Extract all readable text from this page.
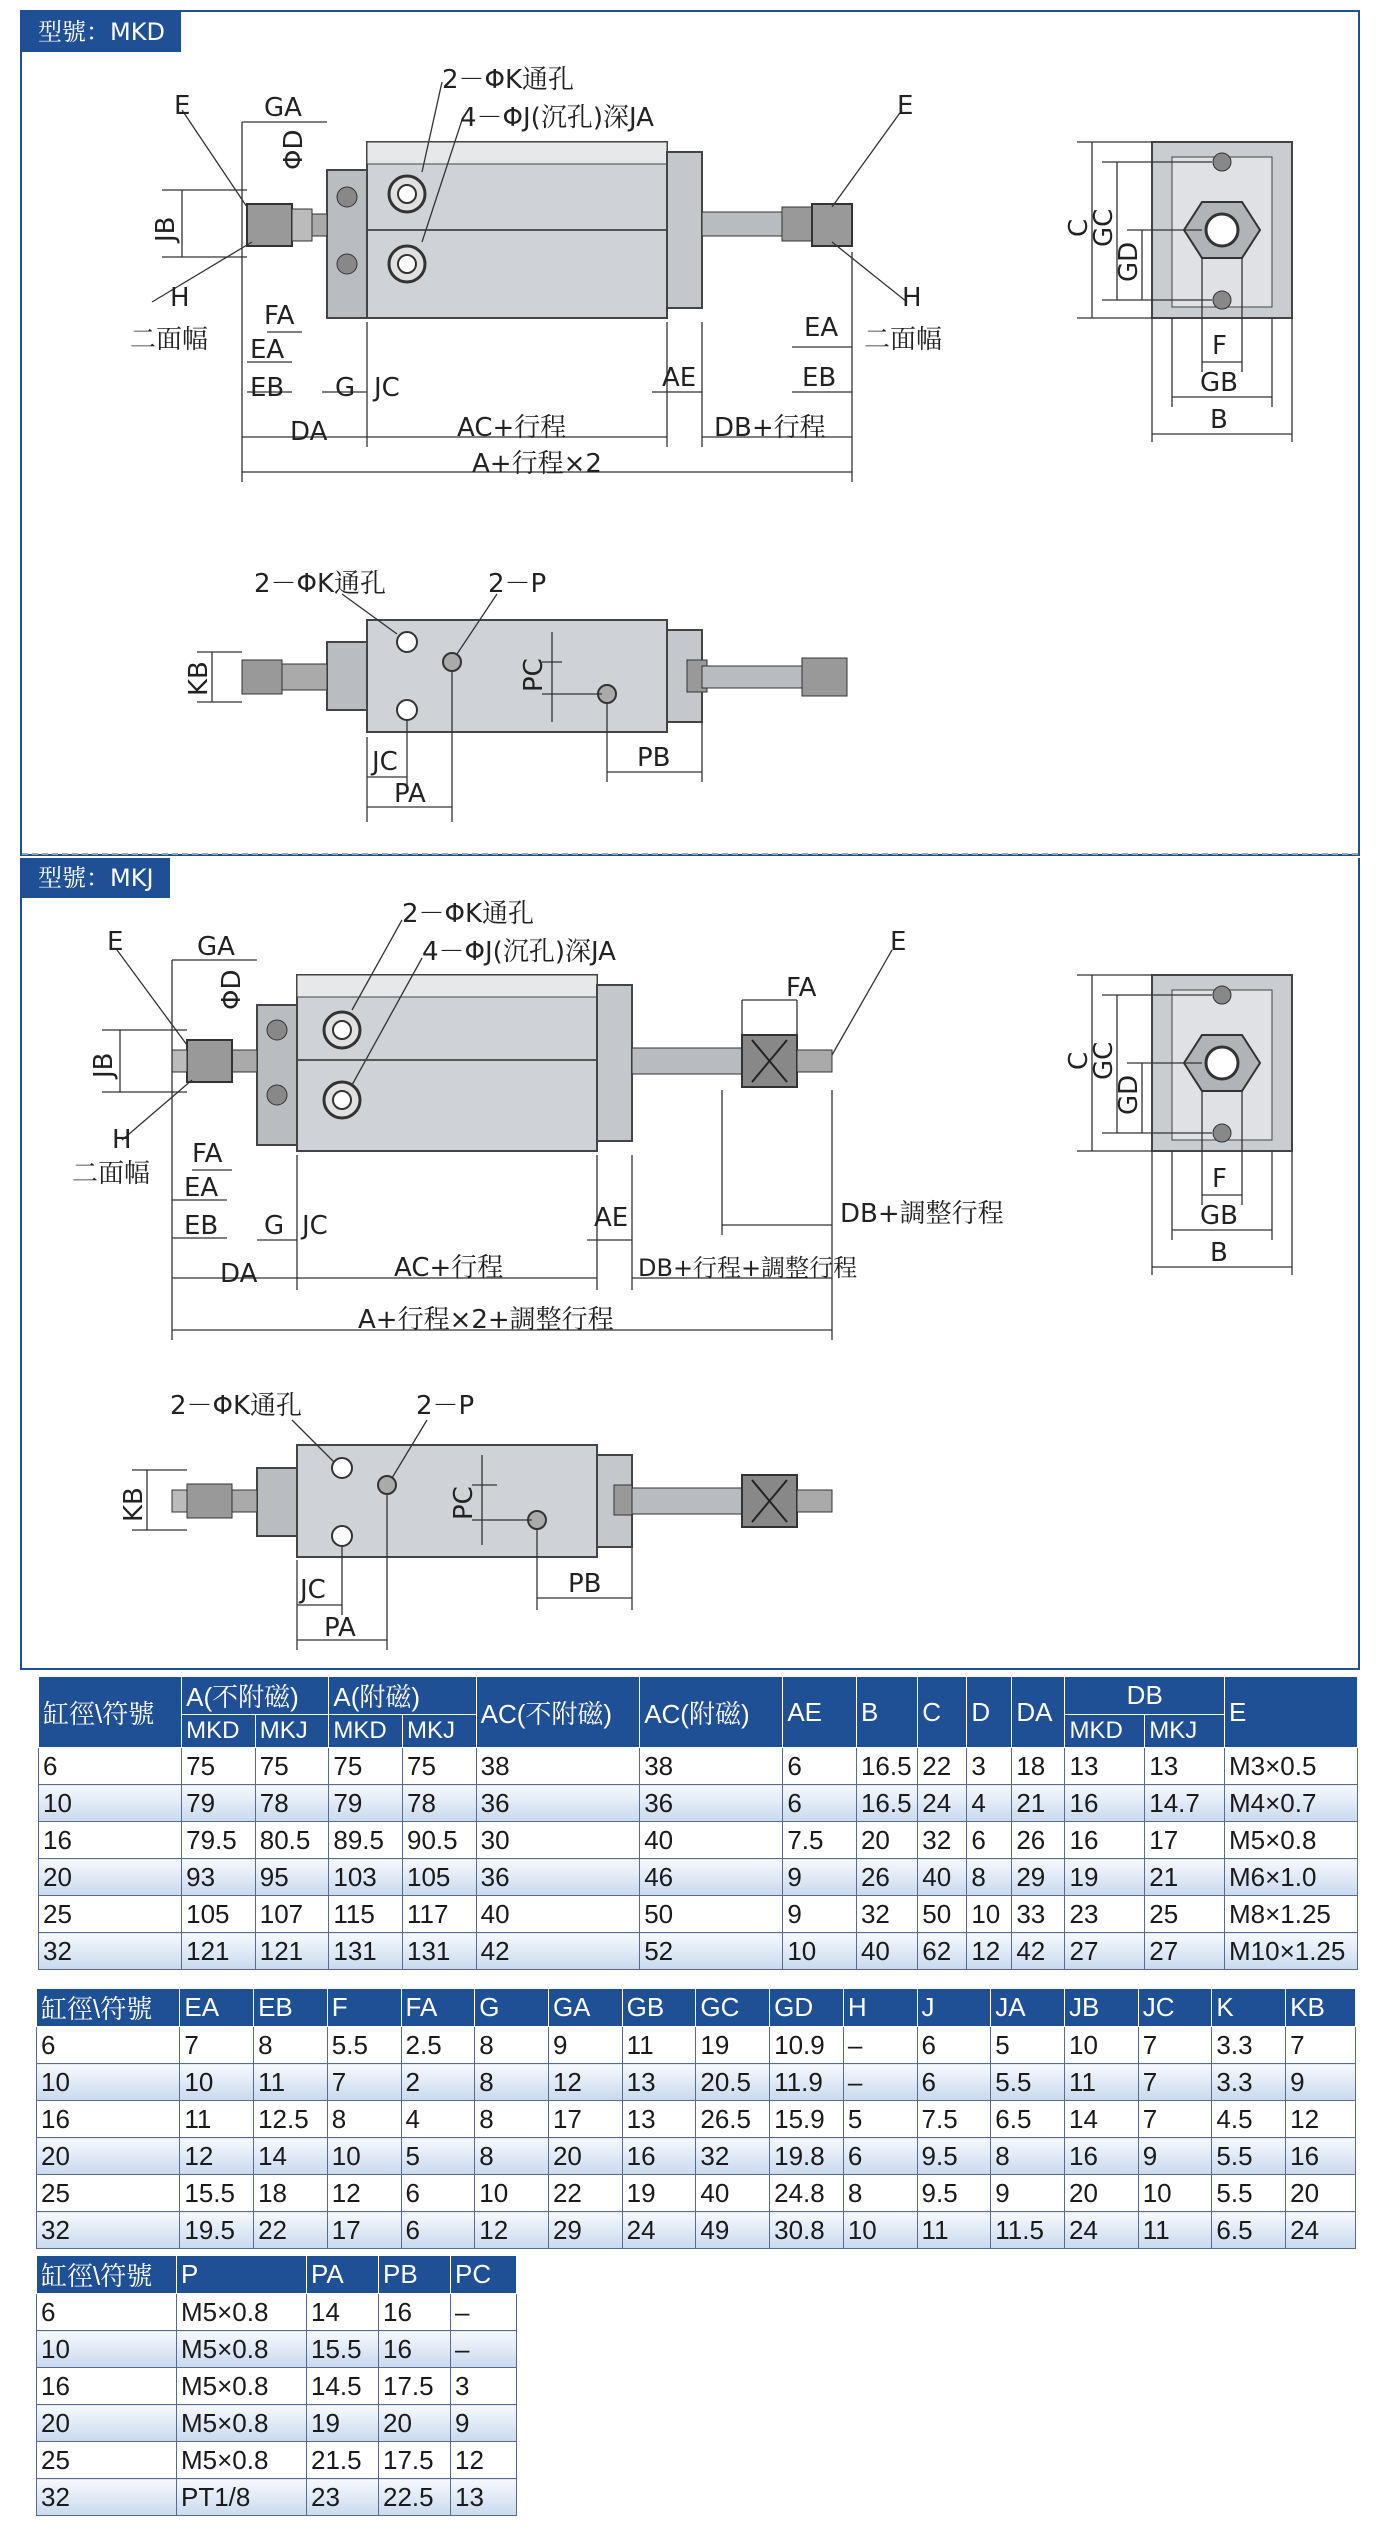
型號：MKD
2－ΦK通孔
4－ΦJ(沉孔)深JA
E	E
GA
ΦD
JB
H
二面幅
FA
EA
EB G JC	AE
DA	AC+行程	DB+行程
A+行程×2
H
二面幅
EA
EB
C
GC
GD
F
GB
B
2－ΦK通孔	2－P
KB	PC
JC
PA
PB
型號：MKJ
2－ΦK通孔
4－ΦJ(沉孔)深JA
E	E
GA
ΦD
JB
H
二面幅
FA
EA
EB G JC	AE
DA	AC+行程
FA
DB+調整行程
DB+行程+調整行程
A+行程×2+調整行程
C
GC
GD
F
GB
B
2－ΦK通孔	2－P
KB	PC
JC
PA
PB
缸徑\符號	A(不附磁)		A(附磁)		AC(不附磁)	AC(附磁)	AE	B	C	D	DA	DB		E
	MKD	MKJ	MKD	MKJ								MKD	MKJ	
6	75	75	75	75	38	38	6	16.5	22	3	18	13	13	M3×0.5
10	79	78	79	78	36	36	6	16.5	24	4	21	16	14.7	M4×0.7
16	79.5	80.5	89.5	90.5	30	40	7.5	20	32	6	26	16	17	M5×0.8
20	93	95	103	105	36	46	9	26	40	8	29	19	21	M6×1.0
25	105	107	115	117	40	50	9	32	50	10	33	23	25	M8×1.25
32	121	121	131	131	42	52	10	40	62	12	42	27	27	M10×1.25
缸徑\符號	EA	EB	F	FA	G	GA	GB	GC	GD	H	J	JA	JB	JC	K	KB
6	7	8	5.5	2.5	8	9	11	19	10.9	–	6	5	10	7	3.3	7
10	10	11	7	2	8	12	13	20.5	11.9	–	6	5.5	11	7	3.3	9
16	11	12.5	8	4	8	17	13	26.5	15.9	5	7.5	6.5	14	7	4.5	12
20	12	14	10	5	8	20	16	32	19.8	6	9.5	8	16	9	5.5	16
25	15.5	18	12	6	10	22	19	40	24.8	8	9.5	9	20	10	5.5	20
32	19.5	22	17	6	12	29	24	49	30.8	10	11	11.5	24	11	6.5	24
缸徑\符號	P	PA	PB	PC
6	M5×0.8	14	16	–
10	M5×0.8	15.5	16	–
16	M5×0.8	14.5	17.5	3
20	M5×0.8	19	20	9
25	M5×0.8	21.5	17.5	12
32	PT1/8	23	22.5	13
